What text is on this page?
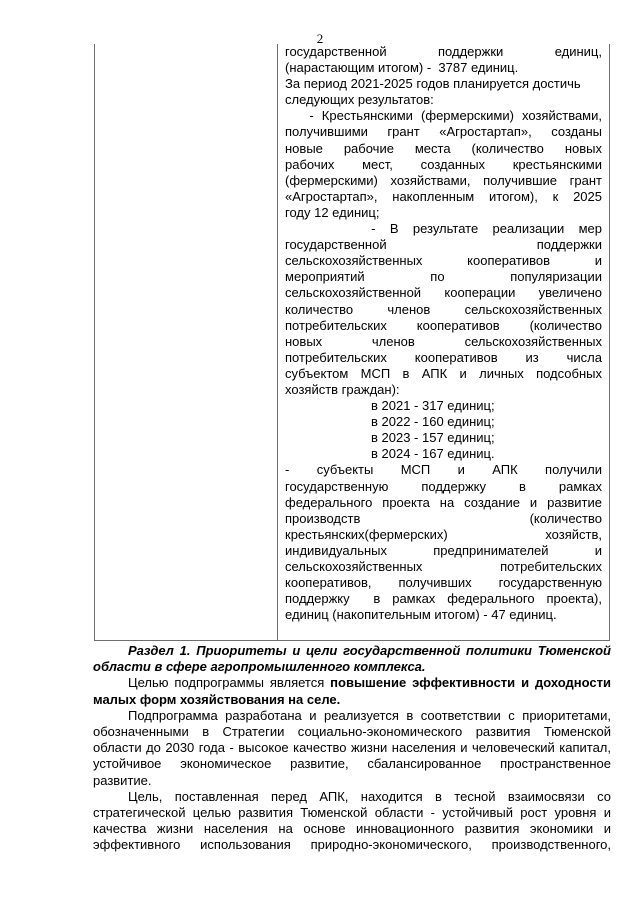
2

государственной поддержки единиц,

(нарастающим итогом) -  3787 единиц.

За период 2021-2025 годов планируется достичь

следующих результатов:

- Крестьянскими (фермерскими) хозяйствами,

получившими грант «Агростартап», созданы

новые рабочие места (количество новых

рабочих мест, созданных крестьянскими

(фермерскими) хозяйствами, получившие грант

«Агростартап», накопленным итогом), к 2025

году 12 единиц;

- В результате реализации мер

государственной поддержки

сельскохозяйственных кооперативов и

мероприятий по популяризации

сельскохозяйственной кооперации увеличено

количество членов сельскохозяйственных

потребительских кооперативов (количество

новых членов сельскохозяйственных

потребительских кооперативов из числа

субъектом МСП в АПК и личных подсобных

хозяйств граждан):

в 2021 - 317 единиц;

в 2022 - 160 единиц;

в 2023 - 157 единиц;

в 2024 - 167 единиц.

- субъекты МСП и АПК получили

государственную поддержку в рамках

федерального проекта на создание и развитие

производств (количество

крестьянских(фермерских) хозяйств,

индивидуальных предпринимателей и

сельскохозяйственных потребительских

кооперативов, получивших государственную

поддержку  в рамках федерального проекта),

единиц (накопительным итогом) - 47 единиц.

Раздел 1. Приоритеты и цели государственной политики Тюменской области в сфере агропромышленного комплекса.

Целью подпрограммы является повышение эффективности и доходности малых форм хозяйствования на селе.

Подпрограмма разработана и реализуется в соответствии с приоритетами, обозначенными в Стратегии социально-экономического развития Тюменской области до 2030 года - высокое качество жизни населения и человеческий капитал, устойчивое экономическое развитие, сбалансированное пространственное развитие.

Цель, поставленная перед АПК, находится в тесной взаимосвязи со стратегической целью развития Тюменской области - устойчивый рост уровня и качества жизни населения на основе инновационного развития экономики и эффективного использования природно-экономического, производственного,
